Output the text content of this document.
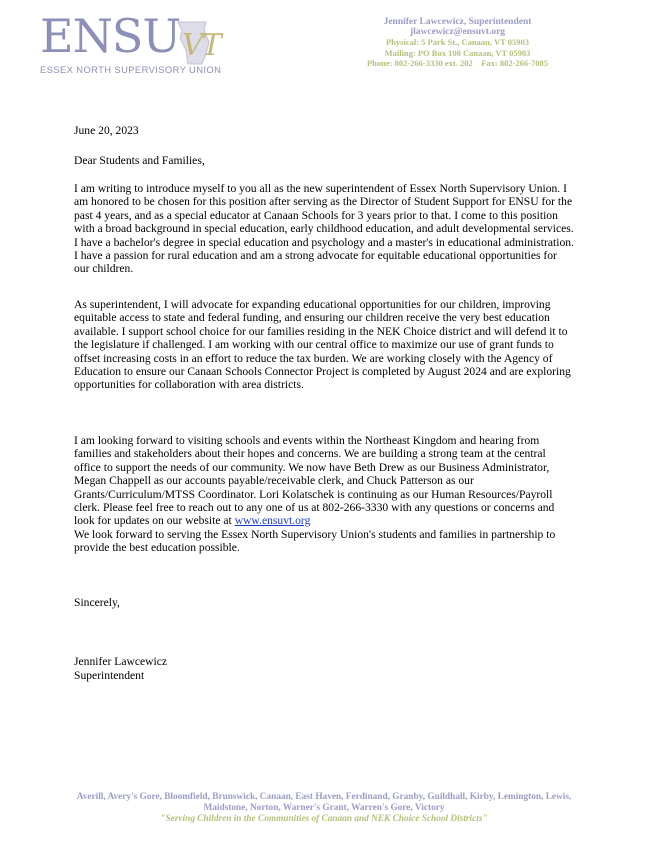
ENSU VT
ESSEX NORTH SUPERVISORY UNION
Jennifer Lawcewicz, Superintendent
jlawcewicz@ensuvt.org
Physical: 5 Park St., Canaan, VT 05903
Mailing: PO Box 100 Canaan, VT 05903
Phone: 802-266-3330 ext. 202    Fax: 802-266-7085

June 20, 2023

Dear Students and Families,

I am writing to introduce myself to you all as the new superintendent of Essex North Supervisory Union. I am honored to be chosen for this position after serving as the Director of Student Support for ENSU for the past 4 years, and as a special educator at Canaan Schools for 3 years prior to that. I come to this position with a broad background in special education, early childhood education, and adult developmental services. I have a bachelor's degree in special education and psychology and a master's in educational administration. I have a passion for rural education and am a strong advocate for equitable educational opportunities for our children.

As superintendent, I will advocate for expanding educational opportunities for our children, improving equitable access to state and federal funding, and ensuring our children receive the very best education available. I support school choice for our families residing in the NEK Choice district and will defend it to the legislature if challenged. I am working with our central office to maximize our use of grant funds to offset increasing costs in an effort to reduce the tax burden. We are working closely with the Agency of Education to ensure our Canaan Schools Connector Project is completed by August 2024 and are exploring opportunities for collaboration with area districts.

I am looking forward to visiting schools and events within the Northeast Kingdom and hearing from families and stakeholders about their hopes and concerns. We are building a strong team at the central office to support the needs of our community. We now have Beth Drew as our Business Administrator, Megan Chappell as our accounts payable/receivable clerk, and Chuck Patterson as our Grants/Curriculum/MTSS Coordinator. Lori Kolatschek is continuing as our Human Resources/Payroll clerk. Please feel free to reach out to any one of us at 802-266-3330 with any questions or concerns and look for updates on our website at www.ensuvt.org
We look forward to serving the Essex North Supervisory Union's students and families in partnership to provide the best education possible.

Sincerely,

Jennifer Lawcewicz

Superintendent

Averill, Avery's Gore, Bloomfield, Brunswick, Canaan, East Haven, Ferdinand, Granby, Guildhall, Kirby, Lemington, Lewis,
Maidstone, Norton, Warner's Grant, Warren's Gore, Victory
"Serving Children in the Communities of Canaan and NEK Choice School Districts"
